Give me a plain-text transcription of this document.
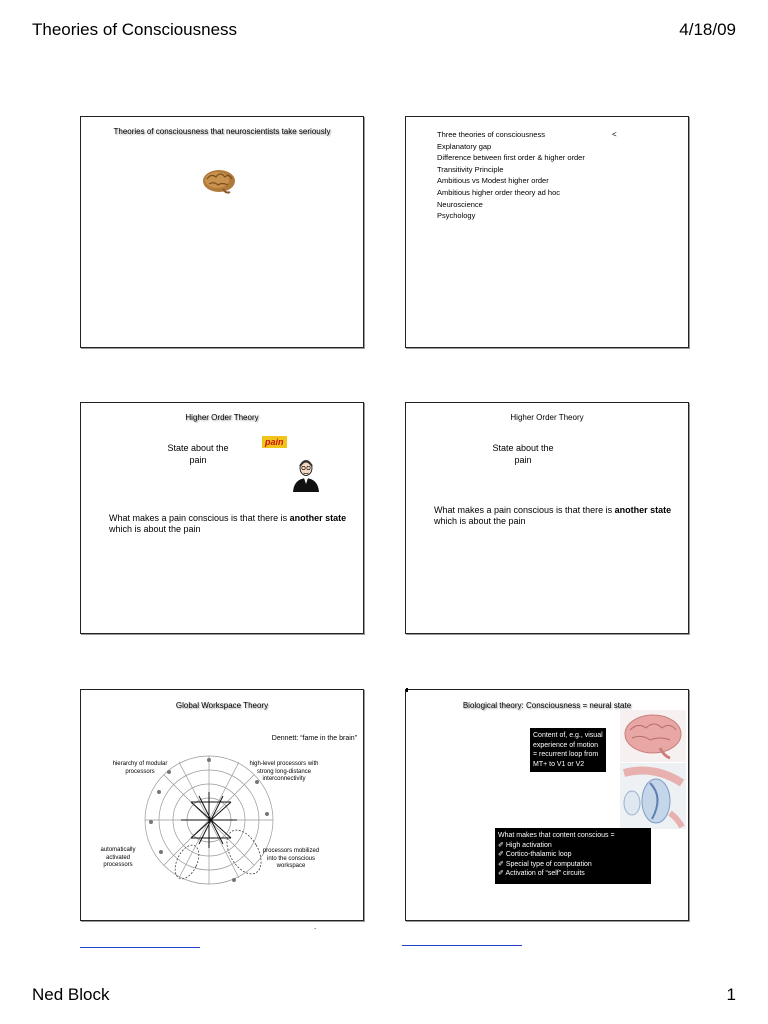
Theories of Consciousness	4/18/09
Theories of consciousness that neuroscientists take seriously	Three theories of consciousness
Explanatory gap
Difference between first order & higher order
Transitivity Principle
Ambitious vs Modest higher order
Ambitious higher order theory ad hoc
Neuroscience
Psychology
<
Higher Order Theory
State about the pain
pain
What makes a pain conscious is that there is another state which is about the pain
Higher Order Theory
State about the pain
What makes a pain conscious is that there is another state which is about the pain
Global Workspace Theory
Dennett: “fame in the brain”
hierarchy of modular processors
high-level processors with strong long-distance interconnectivity
automatically activated processors
processors mobilized into the conscious workspace
Biological theory: Consciousness = neural state
Content of, e.g., visual experience of motion = recurrent loop from MT+ to V1 or V2
What makes that content conscious =
✐ High activation
✐ Cortico-thalamic loop
✐ Special type of computation
✐ Activation of “self” circuits
.
Ned Block	1
